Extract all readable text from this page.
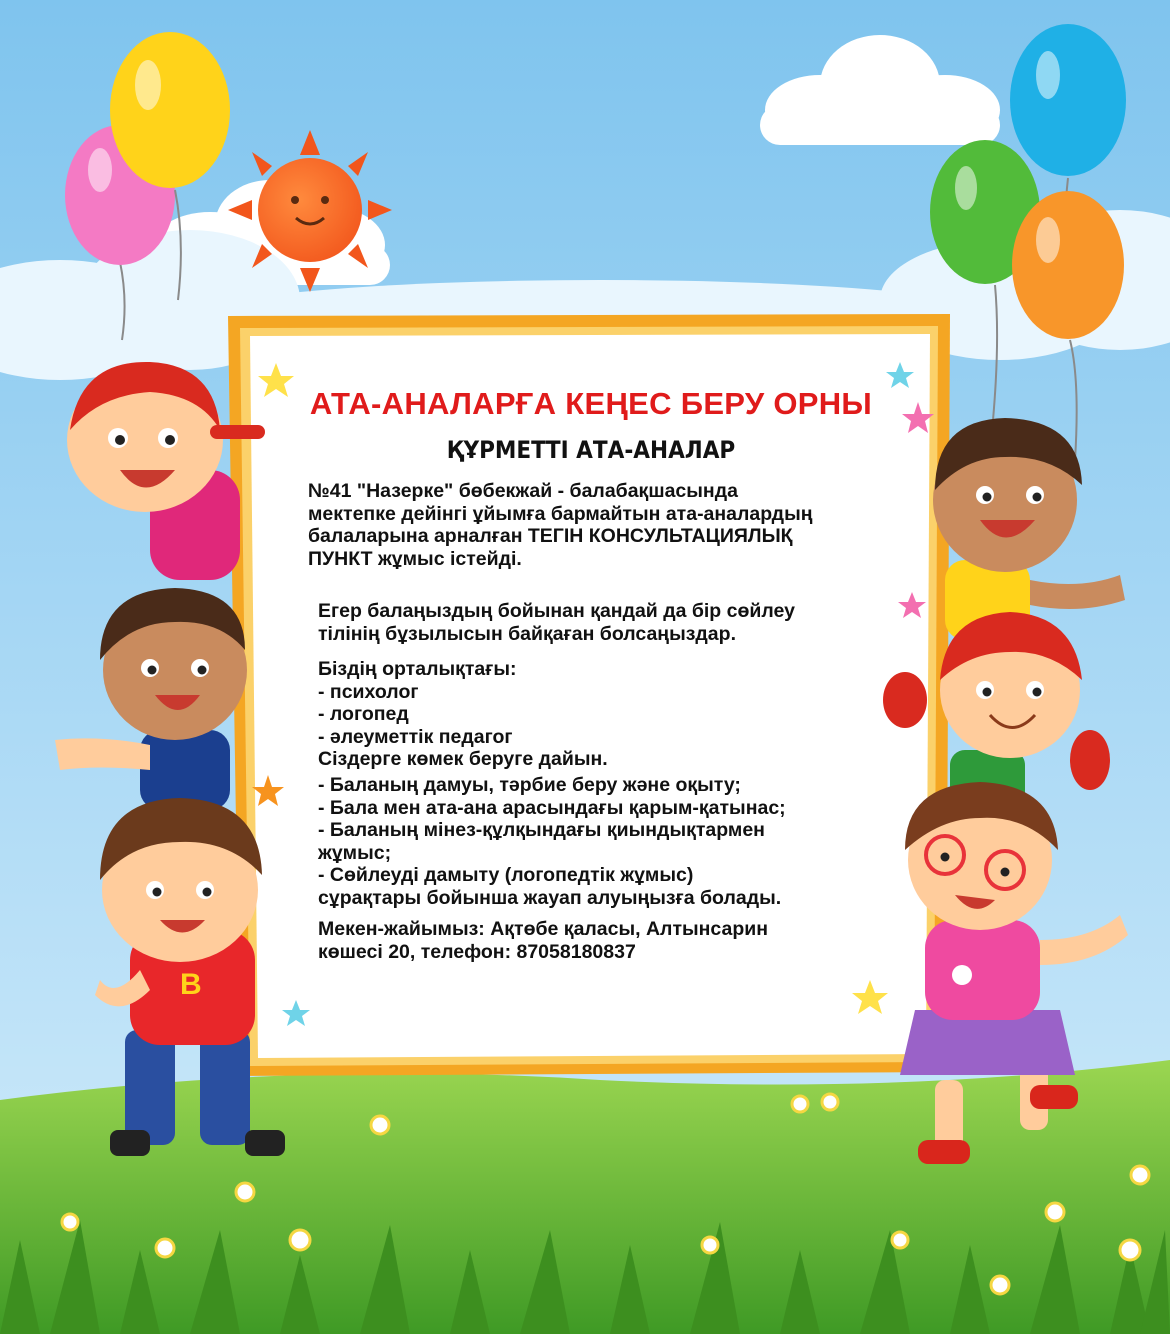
АТА-АНАЛАРҒА КЕҢЕС БЕРУ ОРНЫ
ҚҰРМЕТТІ АТА-АНАЛАР
№41 "Назерке" бөбекжай - балабақшасында
мектепке дейінгі ұйымға бармайтын ата-аналардың
балаларына арналған ТЕГІН КОНСУЛЬТАЦИЯЛЫҚ
ПУНКТ жұмыс істейді.
Егер балаңыздың бойынан қандай да бір сөйлеу
тілінің бұзылысын байқаған болсаңыздар.
Біздің орталықтағы:
- психолог
- логопед
- әлеуметтік педагог
Сіздерге көмек беруге дайын.
- Баланың дамуы, тәрбие беру және оқыту;
- Бала мен ата-ана арасындағы қарым-қатынас;
- Баланың мінез-құлқындағы қиындықтармен
жұмыс;
- Сөйлеуді дамыту (логопедтік жұмыс)
сұрақтары бойынша жауап алуыңызға болады.
Мекен-жайымыз: Ақтөбе қаласы, Алтынсарин
көшесі 20, телефон: 87058180837
B
